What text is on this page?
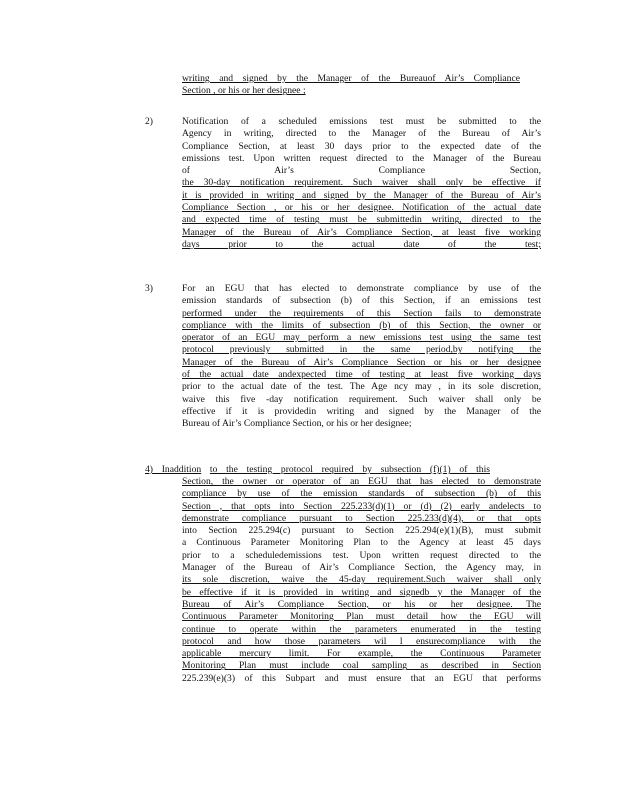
writing and signed by the Manager of the Bureauof Air’s Compliance
Section , or his or her designee ;
2)	Notification of a scheduled emissions test must be submitted to the
Agency in writing, directed to the Manager of the Bureau of Air’s
Compliance Section, at least 30 days prior to the expected date of the
emissions test. Upon written request directed to the Manager of the Bureau
of Air’s Compliance Section,
the 30-day notification requirement. Such waiver shall only be effective if
it is provided in writing and signed by the Manager of the Bureau of Air’s
Compliance Section , or his or her designee. Notification of the actual date
and expected time of testing must be submittedin writing, directed to the
Manager of the Bureau of Air’s Compliance Section, at least five working
days prior to the actual date of the test;
3)	For an EGU that has elected to demonstrate compliance by use of the
emission standards of subsection (b) of this Section, if an emissions test
performed under the requirements of this Section fails to demonstrate
compliance with the limits of subsection (b) of this Section, the owner or
operator of an EGU may perform a new emissions test using the same test
protocol previously submitted in the same period,by notifying the
Manager of the Bureau of Air’s Compliance Section or his or her designee
of the actual date andexpected time of testing at least five working days
prior to the actual date of the test. The Age ncy may , in its sole discretion,
waive this five -day notification requirement. Such waiver shall only be
effective if it is providedin writing and signed by the Manager of the
Bureau of Air’s Compliance Section, or his or her designee;
4) Inaddition to the testing protocol required by subsection (f)(1) of this
Section, the owner or operator of an EGU that has elected to demonstrate
compliance by use of the emission standards of subsection (b) of this
Section , that opts into Section 225.233(d)(1) or (d) (2) early andelects to
demonstrate compliance pursuant to Section 225.233(d)(4), or that opts
into Section 225.294(c) pursuant to Section 225.294(e)(1)(B), must submit
a Continuous Parameter Monitoring Plan to the Agency at least 45 days
prior to a scheduledemissions test. Upon written request directed to the
Manager of the Bureau of Air’s Compliance Section, the Agency may, in
its sole discretion, waive the 45-day requirement.Such waiver shall only
be effective if it is provided in writing and signedb y the Manager of the
Bureau of Air’s Compliance Section, or his or her designee. The
Continuous Parameter Monitoring Plan must detail how the EGU will
continue to operate within the parameters enumerated in the testing
protocol and how those parameters wil l ensurecompliance with the
applicable mercury limit. For example, the Continuous Parameter
Monitoring Plan must include coal sampling as described in Section
225.239(e)(3) of this Subpart and must ensure that an EGU that performs
